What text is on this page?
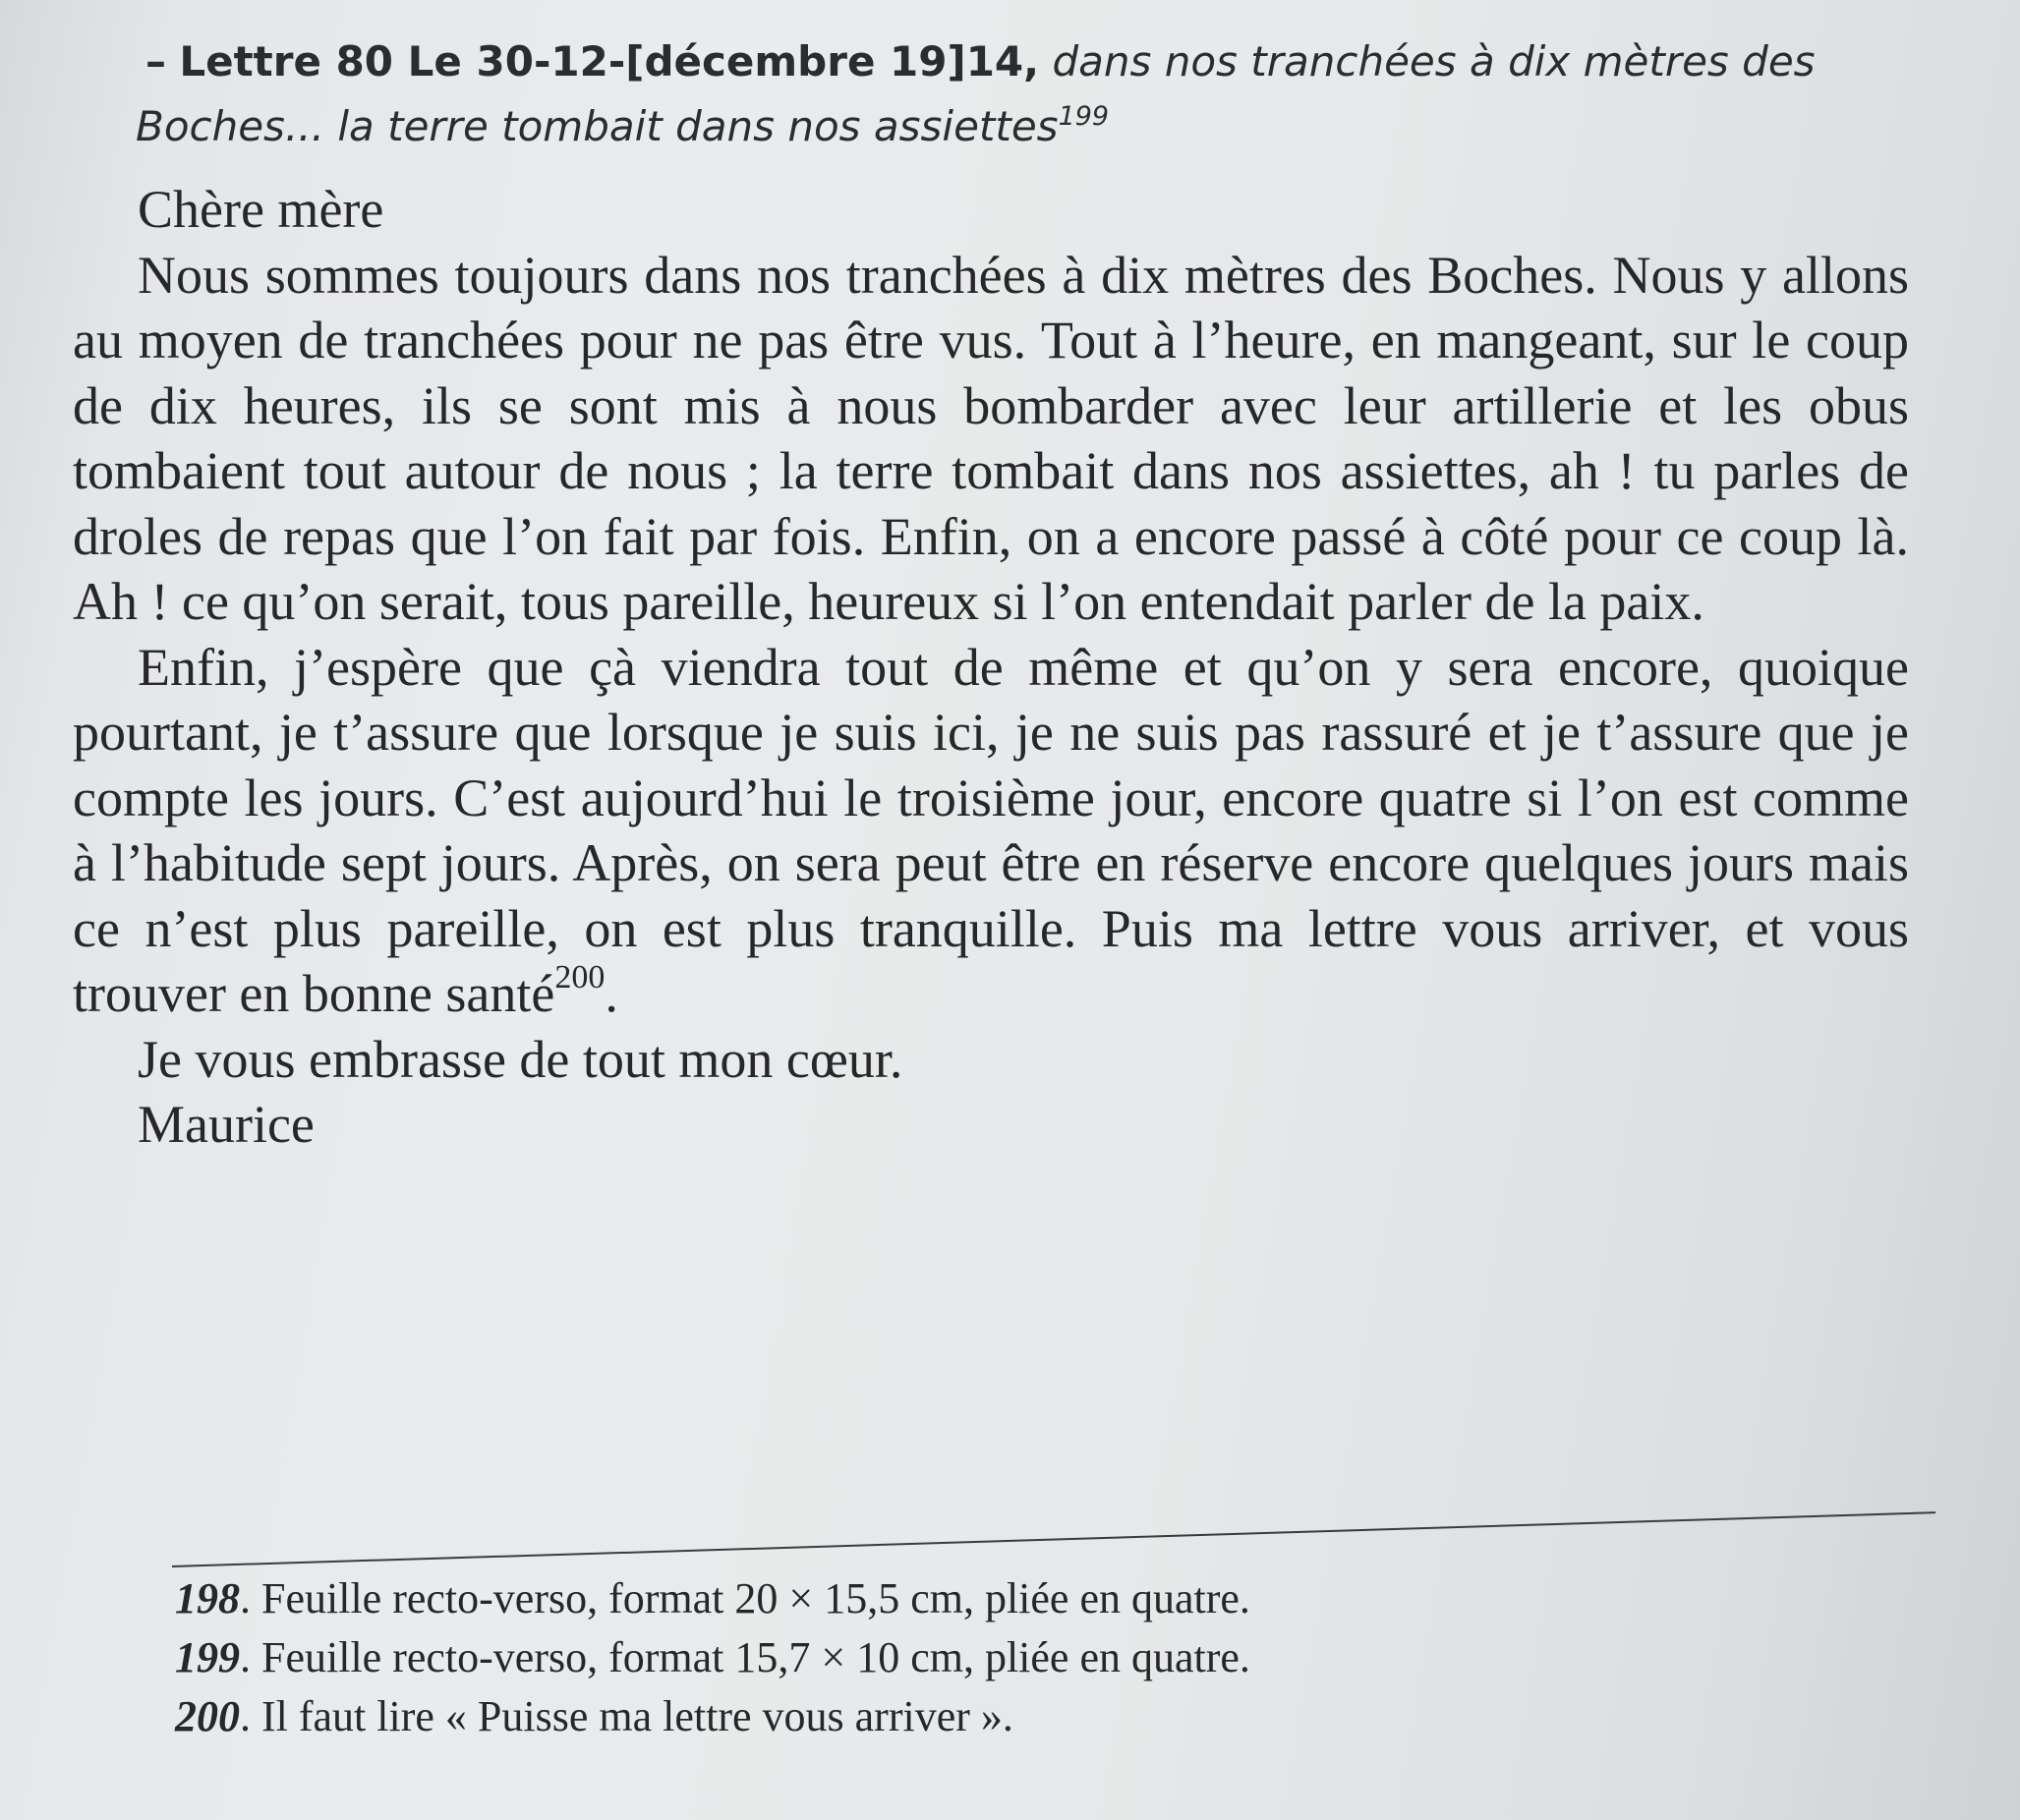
– Lettre 80 Le 30-12-[décembre 19]14, dans nos tranchées à dix mètres des
Boches... la terre tombait dans nos assiettes$^{199}$

Chère mère

Nous sommes toujours dans nos tranchées à dix mètres des Boches. Nous y allons au moyen de tranchées pour ne pas être vus. Tout à l’heure, en mangeant, sur le coup de dix heures, ils se sont mis à nous bombarder avec leur artillerie et les obus tombaient tout autour de nous ; la terre tombait dans nos assiettes, ah ! tu parles de droles de repas que l’on fait par fois. Enfin, on a encore passé à côté pour ce coup là. Ah ! ce qu’on serait, tous pareille, heureux si l’on entendait parler de la paix.

Enfin, j’espère que çà viendra tout de même et qu’on y sera encore, quoique pourtant, je t’assure que lorsque je suis ici, je ne suis pas rassuré et je t’assure que je compte les jours. C’est aujourd’hui le troisième jour, encore quatre si l’on est comme à l’habitude sept jours. Après, on sera peut être en réserve encore quelques jours mais ce n’est plus pareille, on est plus tranquille. Puis ma lettre vous arriver, et vous trouver en bonne santé$^{200}$.

Je vous embrasse de tout mon cœur.

Maurice

198. Feuille recto-verso, format 20 × 15,5 cm, pliée en quatre.

199. Feuille recto-verso, format 15,7 × 10 cm, pliée en quatre.

200. Il faut lire « Puisse ma lettre vous arriver ».
